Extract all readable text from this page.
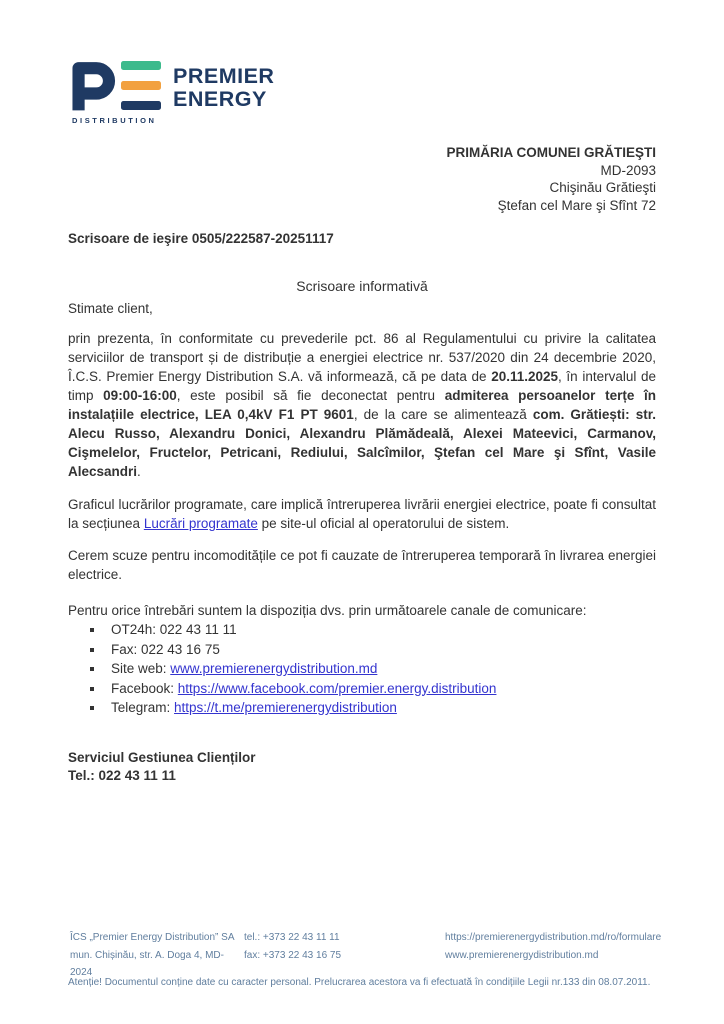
PREMIER
ENERGY
DISTRIBUTION
PRIMĂRIA COMUNEI GRĂTIEŞTI
MD-2093
Chişinău Grătieşti
Ştefan cel Mare şi Sfînt 72
Scrisoare de ieşire 0505/222587-20251117
Scrisoare informativă
Stimate client,

prin prezenta, în conformitate cu prevederile pct. 86 al Regulamentului cu privire la calitatea serviciilor de transport și de distribuție a energiei electrice nr. 537/2020 din 24 decembrie 2020, Î.C.S. Premier Energy Distribution S.A. vă informează, că pe data de 20.11.2025, în intervalul de timp 09:00-16:00, este posibil să fie deconectat pentru admiterea persoanelor terțe în instalațiile electrice, LEA 0,4kV F1 PT 9601, de la care se alimentează com. Grătiești: str. Alecu Russo, Alexandru Donici, Alexandru Plămădeală, Alexei Mateevici, Carmanov, Cişmelelor, Fructelor, Petricani, Rediului, Salcîmilor, Ştefan cel Mare şi Sfînt, Vasile Alecsandri.

Graficul lucrărilor programate, care implică întreruperea livrării energiei electrice, poate fi consultat la secțiunea Lucrări programate pe site-ul oficial al operatorului de sistem.

Cerem scuze pentru incomoditățile ce pot fi cauzate de întreruperea temporară în livrarea energiei electrice.

Pentru orice întrebări suntem la dispoziția dvs. prin următoarele canale de comunicare:
OT24h: 022 43 11 11
Fax: 022 43 16 75
Site web: www.premierenergydistribution.md
Facebook: https://www.facebook.com/premier.energy.distribution
Telegram: https://t.me/premierenergydistribution
Serviciul Gestiunea Clienților
Tel.: 022 43 11 11
ÎCS „Premier Energy Distribution” SA
mun. Chișinău, str. A. Doga 4, MD-2024
tel.: +373 22 43 11 11
fax: +373 22 43 16 75
https://premierenergydistribution.md/ro/formulare
www.premierenergydistribution.md
Atenție! Documentul conține date cu caracter personal. Prelucrarea acestora va fi efectuată în condițiile Legii nr.133 din 08.07.2011.
